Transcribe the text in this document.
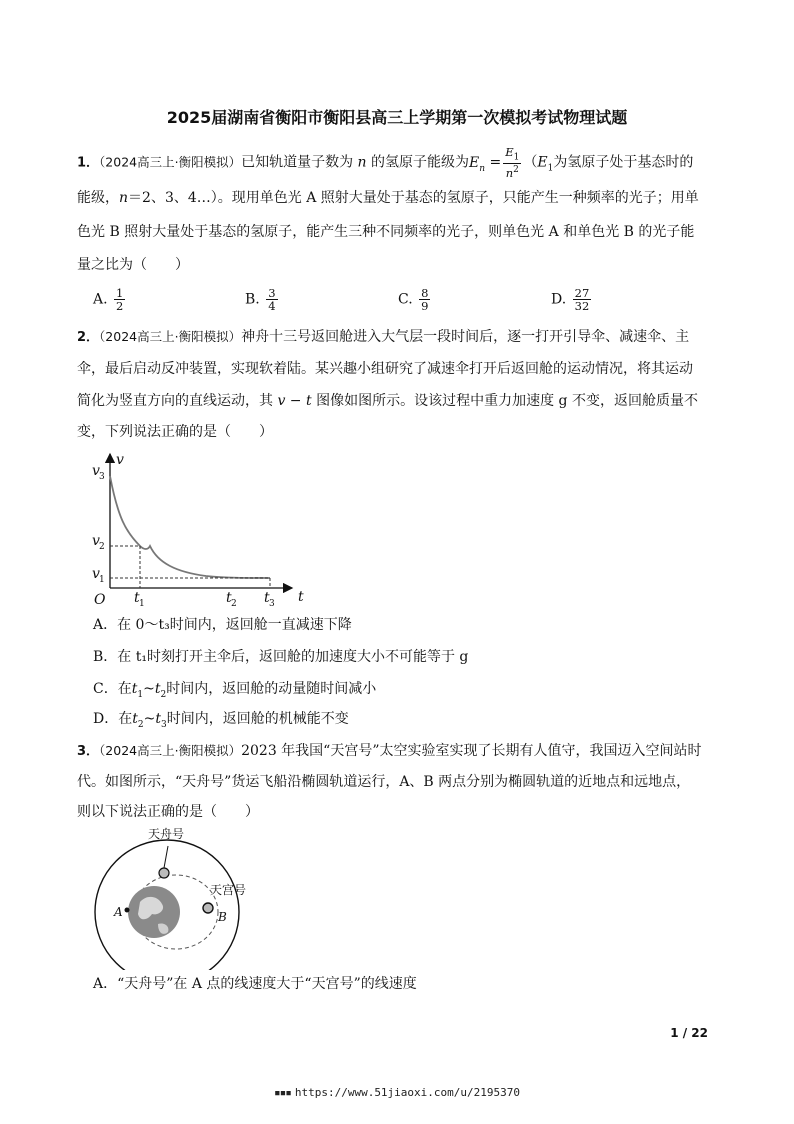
2025届湖南省衡阳市衡阳县高三上学期第一次模拟考试物理试题
1．（2024高三上·衡阳模拟）已知轨道量子数为 n 的氢原子能级为$E_n = \frac{E_1}{n^2} (E_1$为氢原子处于基态时的
能级，n＝2、3、4…）。现用单色光 A 照射大量处于基态的氢原子，只能产生一种频率的光子；用单
色光 B 照射大量处于基态的氢原子，能产生三种不同频率的光子，则单色光 A 和单色光 B 的光子能
量之比为（　　）
A. $\frac{1}{2}$	B. $\frac{3}{4}$	C. $\frac{8}{9}$	D. $\frac{27}{32}$
2．（2024高三上·衡阳模拟）神舟十三号返回舱进入大气层一段时间后，逐一打开引导伞、减速伞、主
伞，最后启动反冲装置，实现软着陆。某兴趣小组研究了减速伞打开后返回舱的运动情况，将其运动
简化为竖直方向的直线运动，其 v − t 图像如图所示。设该过程中重力加速度 g 不变，返回舱质量不
变，下列说法正确的是（　　）
v
t
O
v 3
v 2
v 1
t 1	t 2 t 3
A．在 0～t₃时间内，返回舱一直减速下降
B．在 t₁时刻打开主伞后，返回舱的加速度大小不可能等于 g
C．在$t_1\sim t_2$时间内，返回舱的动量随时间减小
D．在$t_2\sim t_3$时间内，返回舱的机械能不变
3．（2024高三上·衡阳模拟）2023 年我国“天宫号”太空实验室实现了长期有人值守，我国迈入空间站时
代。如图所示，“天舟号”货运飞船沿椭圆轨道运行，A、B 两点分别为椭圆轨道的近地点和远地点，
则以下说法正确的是（　　）
天舟号
天宫号
A	B
A．“天舟号”在 A 点的线速度大于“天宫号”的线速度
1 / 22
▪▪▪ https://www.51jiaoxi.com/u/2195370
